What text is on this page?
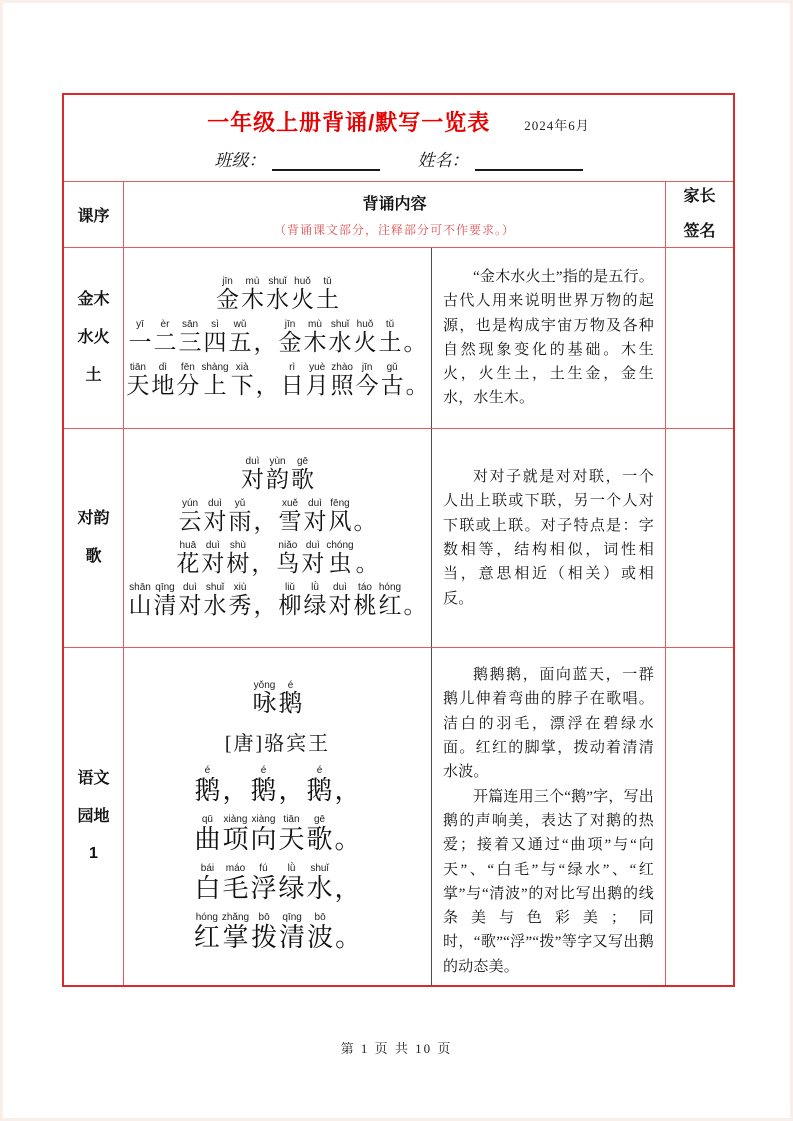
一年级上册背诵/默写一览表	2024年6月
班级：	姓名：
课序
背诵内容
（背诵课文部分，注释部分可不作要求。）
家长
签名
金木水火土
金jīn木mù水shuǐ火huǒ土tǔ
一yī二èr三sān四sì五wǔ，金jīn木mù水shuǐ火huǒ土tǔ。
天tiān地dì分fēn上shàng下xià，日rì月yuè照zhào今jīn古gǔ。

“金木水火土”指的是五行。古代人用来说明世界万物的起源，也是构成宇宙万物及各种自然现象变化的基础。木生火，火生土，土生金，金生水，水生木。

对韵歌
对duì韵yùn歌gē
云yún对duì雨yǔ，雪xuě对duì风fēng。
花huā对duì树shù，鸟niǎo对duì虫chóng。
山shān清qīng对duì水shuǐ秀xiù，柳liǔ绿lǜ对duì桃táo红hóng。

对对子就是对对联，一个人出上联或下联，另一个人对下联或上联。对子特点是：字数相等，结构相似，词性相当，意思相近（相关）或相反。

语文园地1
咏yǒng鹅é
[唐]骆宾王
鹅é，鹅é，鹅é，
曲qū项xiàng向xiàng天tiān歌gē。
白bái毛máo浮fú绿lǜ水shuǐ，
红hóng掌zhǎng拨bō清qīng波bō。

鹅鹅鹅，面向蓝天，一群鹅儿伸着弯曲的脖子在歌唱。洁白的羽毛，漂浮在碧绿水面。红红的脚掌，拨动着清清水波。

开篇连用三个“鹅”字，写出鹅的声响美，表达了对鹅的热爱；接着又通过“曲项”与“向天”、“白毛”与“绿水”、“红掌”与“清波”的对比写出鹅的线条美与色彩美；同时，“歌”“浮”“拨”等字又写出鹅的动态美。

第 1 页 共 10 页
